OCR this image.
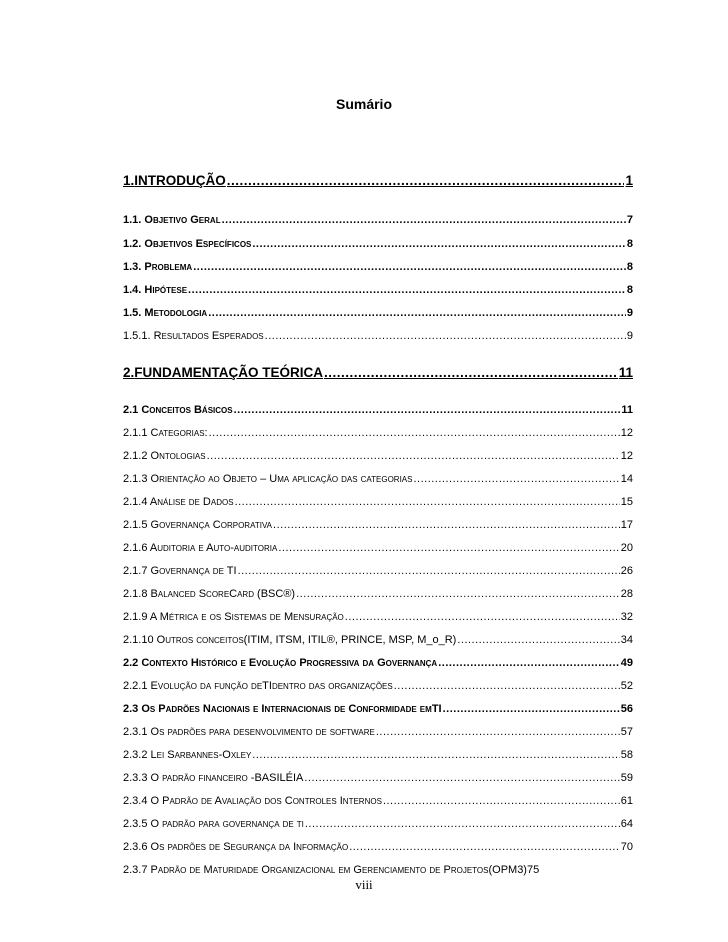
Sumário
1. INTRODUÇÃO .....	1
1.1. Objetivo Geral .....	7
1.2. Objetivos Específicos .....	8
1.3. Problema .....	8
1.4. Hipótese .....	8
1.5. Metodologia .....	9
1.5.1. Resultados Esperados .....	9
2. FUNDAMENTAÇÃO TEÓRICA .....	11
2.1 Conceitos Básicos .....	11
2.1.1 Categorias: .....	12
2.1.2 Ontologias .....	12
2.1.3 Orientação ao Objeto – Uma aplicação das categorias .....	14
2.1.4 Análise de Dados .....	15
2.1.5 Governança Corporativa .....	17
2.1.6 Auditoria e Auto-auditoria .....	20
2.1.7 Governança de TI .....	26
2.1.8 Balanced ScoreCard (BSC®) .....	28
2.1.9 A Métrica e os Sistemas de Mensuração .....	32
2.1.10 Outros conceitos (ITIM, ITSM, ITIL®, PRINCE, MSP, M_o_R) .....	34
2.2 Contexto Histórico e Evolução Progressiva da Governança .....	49
2.2.1 Evolução da função de TI dentro das organizações .....	52
2.3 Os Padrões Nacionais e Internacionais de Conformidade em TI .....	56
2.3.1 Os padrões para desenvolvimento de software .....	57
2.3.2 Lei Sarbannes-Oxley .....	58
2.3.3 O padrão financeiro - BASILÉIA .....	59
2.3.4 O Padrão de Avaliação dos Controles Internos .....	61
2.3.5 O padrão para governança de ti .....	64
2.3.6 Os padrões de Segurança da Informação .....	70
2.3.7 Padrão de Maturidade Organizacional em Gerenciamento de Projetos (OPM3) 75
viii
